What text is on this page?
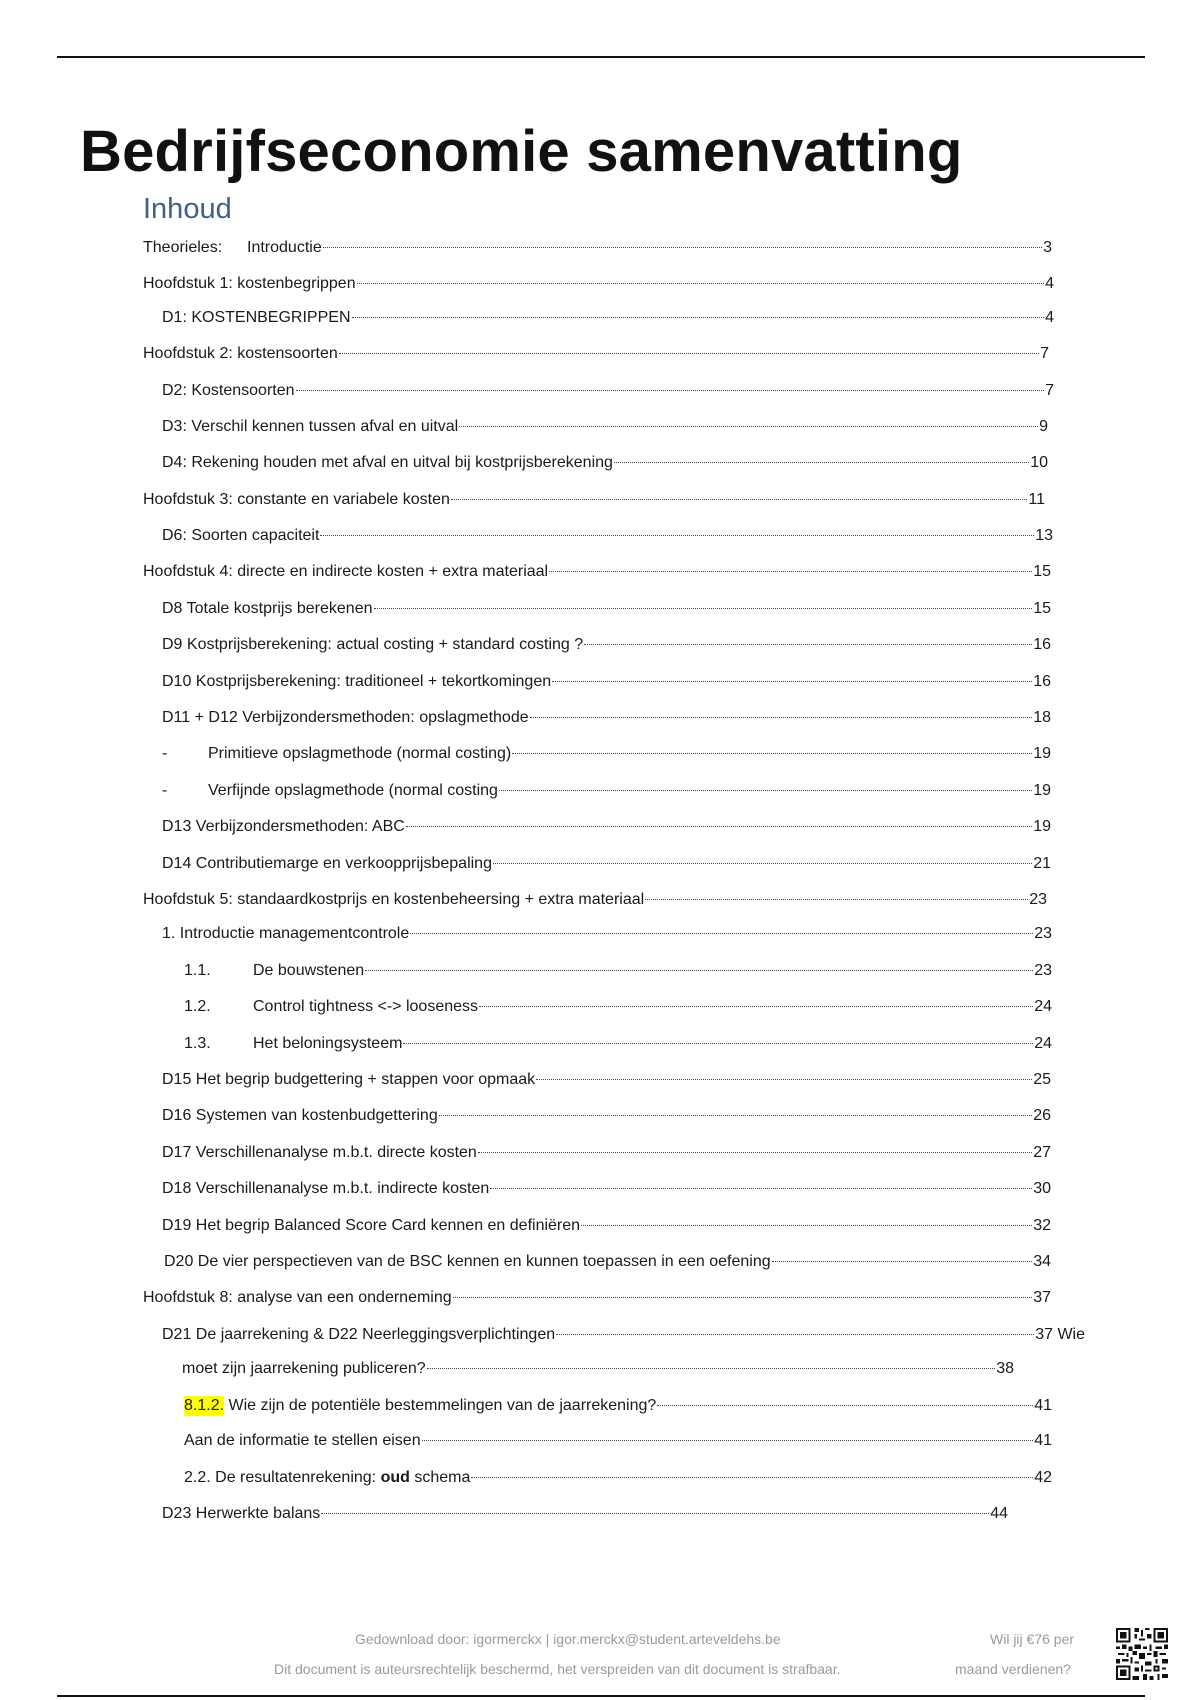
Bedrijfseconomie samenvatting
Inhoud
Theorieles:	Introductie	3
Hoofdstuk 1: kostenbegrippen	4
D1: KOSTENBEGRIPPEN	4
Hoofdstuk 2: kostensoorten	7
D2: Kostensoorten	7
D3: Verschil kennen tussen afval en uitval	9
D4: Rekening houden met afval en uitval bij kostprijsberekening	10
Hoofdstuk 3: constante en variabele kosten	11
D6: Soorten capaciteit	13
Hoofdstuk 4: directe en indirecte kosten + extra materiaal	15
D8 Totale kostprijs berekenen	15
D9 Kostprijsberekening: actual costing + standard costing ?	16
D10 Kostprijsberekening: traditioneel + tekortkomingen	16
D11 + D12 Verbijzondersmethoden: opslagmethode	18
-	Primitieve opslagmethode (normal costing)	19
-	Verfijnde opslagmethode (normal costing	19
D13 Verbijzondersmethoden: ABC	19
D14 Contributiemarge en verkoopprijsbepaling	21
Hoofdstuk 5: standaardkostprijs en kostenbeheersing + extra materiaal	23
1. Introductie managementcontrole	23
1.1.	De bouwstenen	23
1.2.	Control tightness <-> looseness	24
1.3.	Het beloningsysteem	24
D15 Het begrip budgettering + stappen voor opmaak	25
D16 Systemen van kostenbudgettering	26
D17 Verschillenanalyse m.b.t. directe kosten	27
D18 Verschillenanalyse m.b.t. indirecte kosten	30
D19 Het begrip Balanced Score Card kennen en definiëren	32
D20 De vier perspectieven van de BSC kennen en kunnen toepassen in een oefening	34
Hoofdstuk 8: analyse van een onderneming	37
D21 De jaarrekening & D22 Neerleggingsverplichtingen	37 Wie
moet zijn jaarrekening publiceren?	38
8.1.2. Wie zijn de potentiële bestemmelingen van de jaarrekening?	41
Aan de informatie te stellen eisen	41
2.2. De resultatenrekening: oud schema	42
D23 Herwerkte balans	44
Gedownload door: igormerckx | igor.merckx@student.arteveldehs.be
Dit document is auteursrechtelijk beschermd, het verspreiden van dit document is strafbaar.
Wil jij €76 per
maand verdienen?
